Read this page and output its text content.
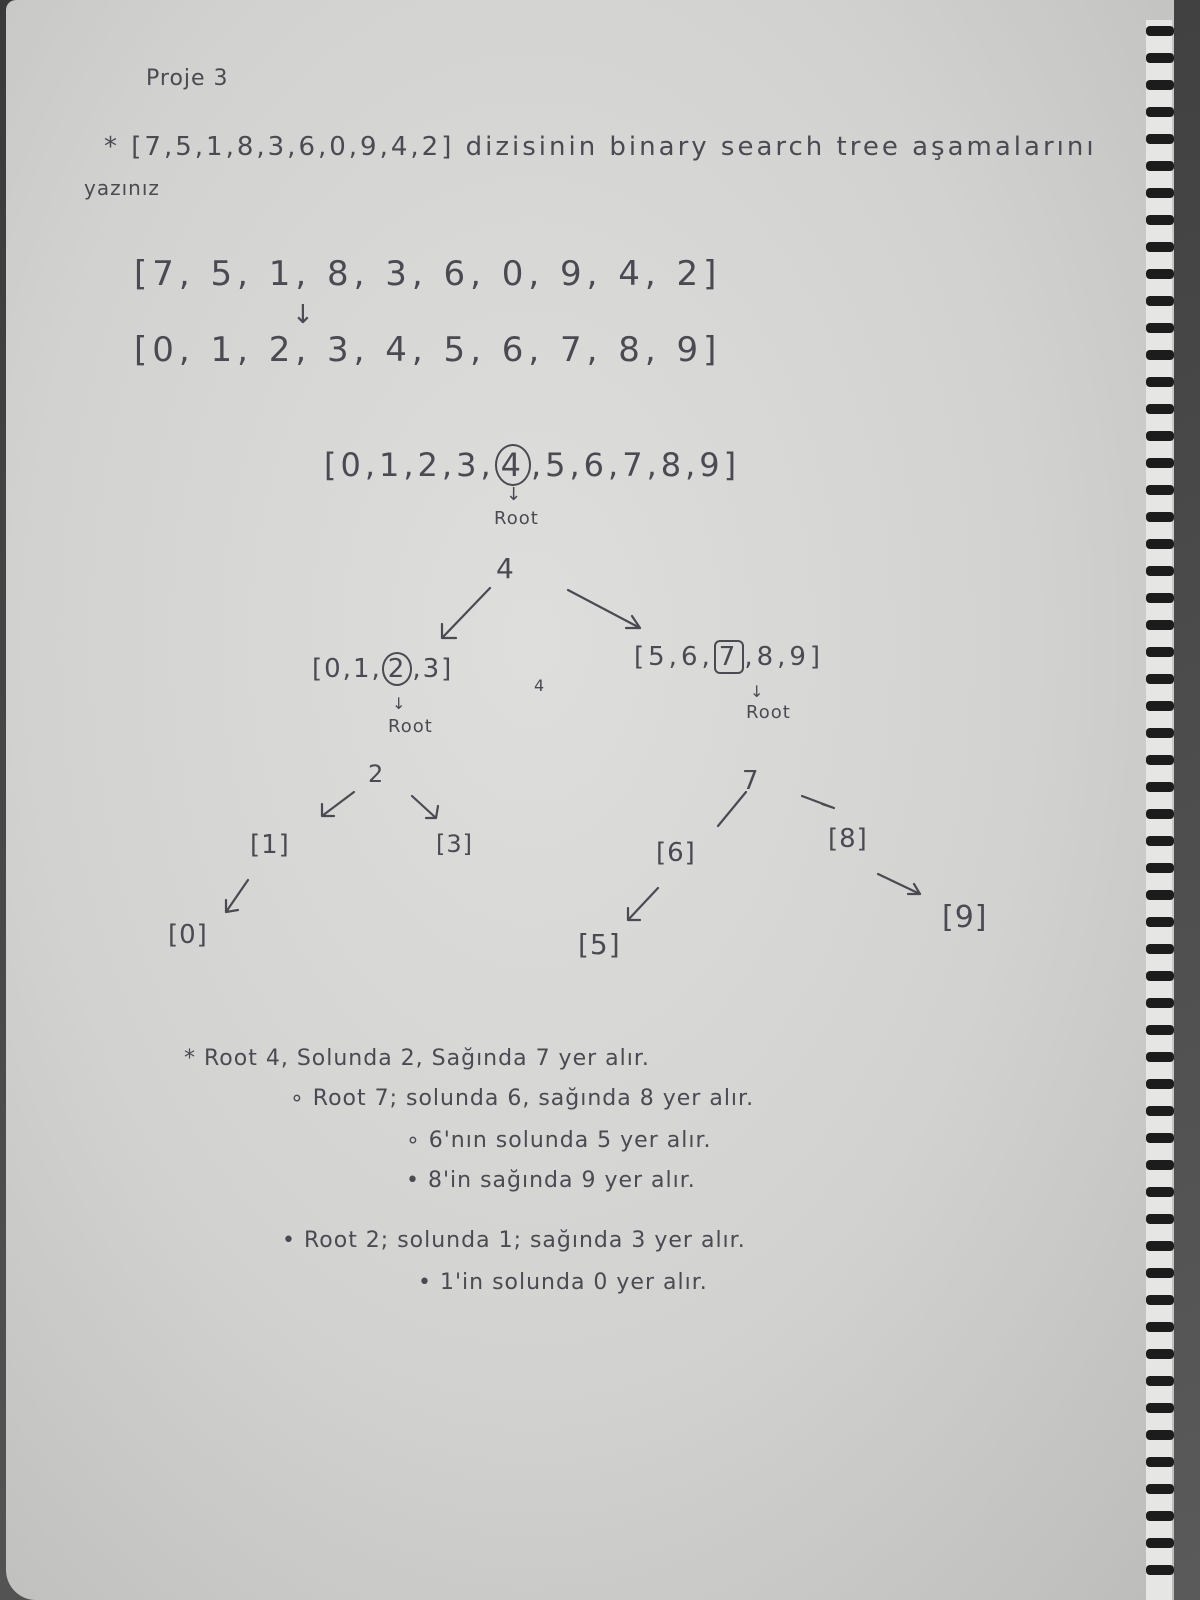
Proje 3
* [7,5,1,8,3,6,0,9,4,2] dizisinin binary search tree aşamalarını
yazınız
[7, 5, 1, 8, 3, 6, 0, 9, 4, 2]
↓
[0, 1, 2, 3, 4, 5, 6, 7, 8, 9]
[0,1,2,3, 4 ,5,6,7,8,9]
↓
Root
4
[0,1, 2 ,3]
4
↓
Root
2
[5,6, 7 ,8,9]
↓
Root
7
[1]	[3]	[6]	[8]
[0]	[5]
[9]
* Root 4, Solunda 2, Sağında 7 yer alır.
∘ Root 7; solunda 6, sağında 8 yer alır.
∘ 6'nın solunda 5 yer alır.
• 8'in sağında 9 yer alır.
• Root 2; solunda 1; sağında 3 yer alır.
• 1'in solunda 0 yer alır.
